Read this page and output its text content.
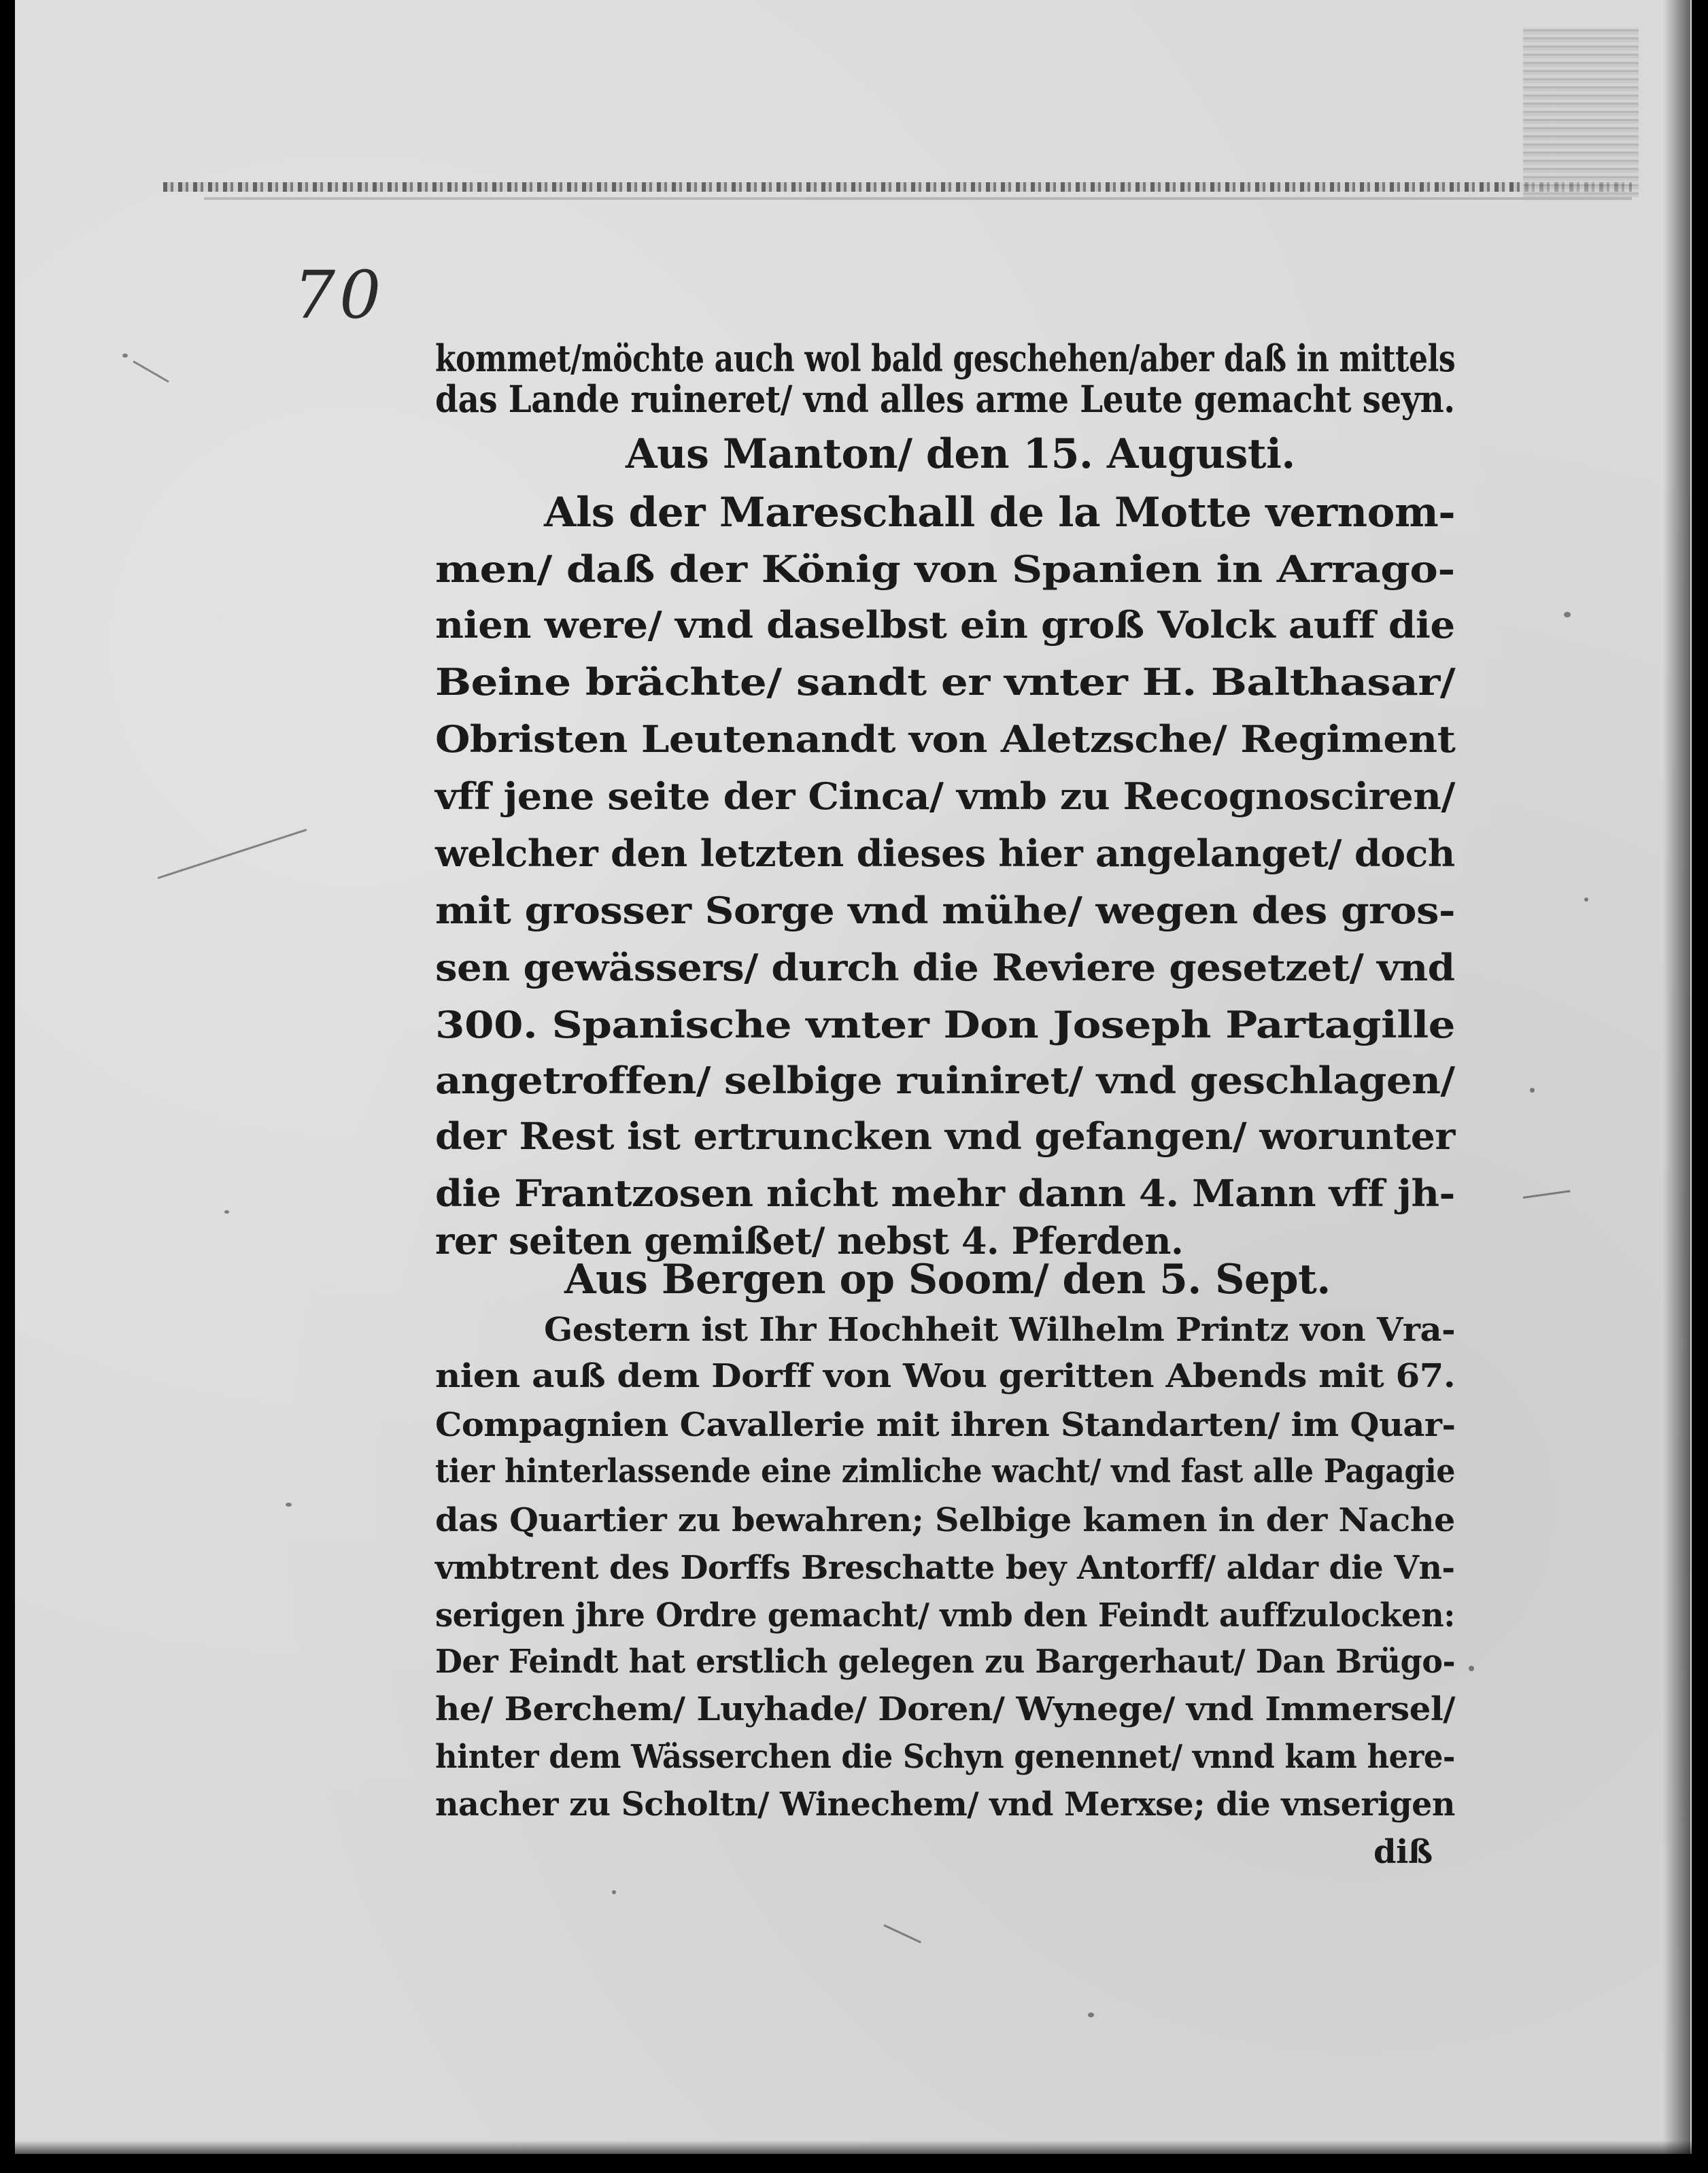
70
kommet/möchte auch wol bald geschehen/aber daß in mittels
das Lande ruineret/ vnd alles arme Leute gemacht seyn.
Aus Manton/ den 15. Augusti.
Als der Mareschall de la Motte vernom-
men/ daß der König von Spanien in Arrago-
nien were/ vnd daselbst ein groß Volck auff die
Beine brächte/ sandt er vnter H. Balthasar/
Obristen Leutenandt von Aletzsche/ Regiment
vff jene seite der Cinca/ vmb zu Recognosciren/
welcher den letzten dieses hier angelanget/ doch
mit grosser Sorge vnd mühe/ wegen des gros-
sen gewässers/ durch die Reviere gesetzet/ vnd
300. Spanische vnter Don Joseph Partagille
angetroffen/ selbige ruiniret/ vnd geschlagen/
der Rest ist ertruncken vnd gefangen/ worunter
die Frantzosen nicht mehr dann 4. Mann vff jh-
rer seiten gemißet/ nebst 4. Pferden.
Aus Bergen op Soom/ den 5. Sept.
Gestern ist Ihr Hochheit Wilhelm Printz von Vra-
nien auß dem Dorff von Wou geritten Abends mit 67.
Compagnien Cavallerie mit ihren Standarten/ im Quar-
tier hinterlassende eine zimliche wacht/ vnd fast alle Pagagie
das Quartier zu bewahren; Selbige kamen in der Nache
vmbtrent des Dorffs Breschatte bey Antorff/ aldar die Vn-
serigen jhre Ordre gemacht/ vmb den Feindt auffzulocken:
Der Feindt hat erstlich gelegen zu Bargerhaut/ Dan Brügo-
he/ Berchem/ Luyhade/ Doren/ Wynege/ vnd Immersel/
hinter dem Wässerchen die Schyn genennet/ vnnd kam here-
nacher zu Scholtn/ Winechem/ vnd Merxse; die vnserigen
diß
